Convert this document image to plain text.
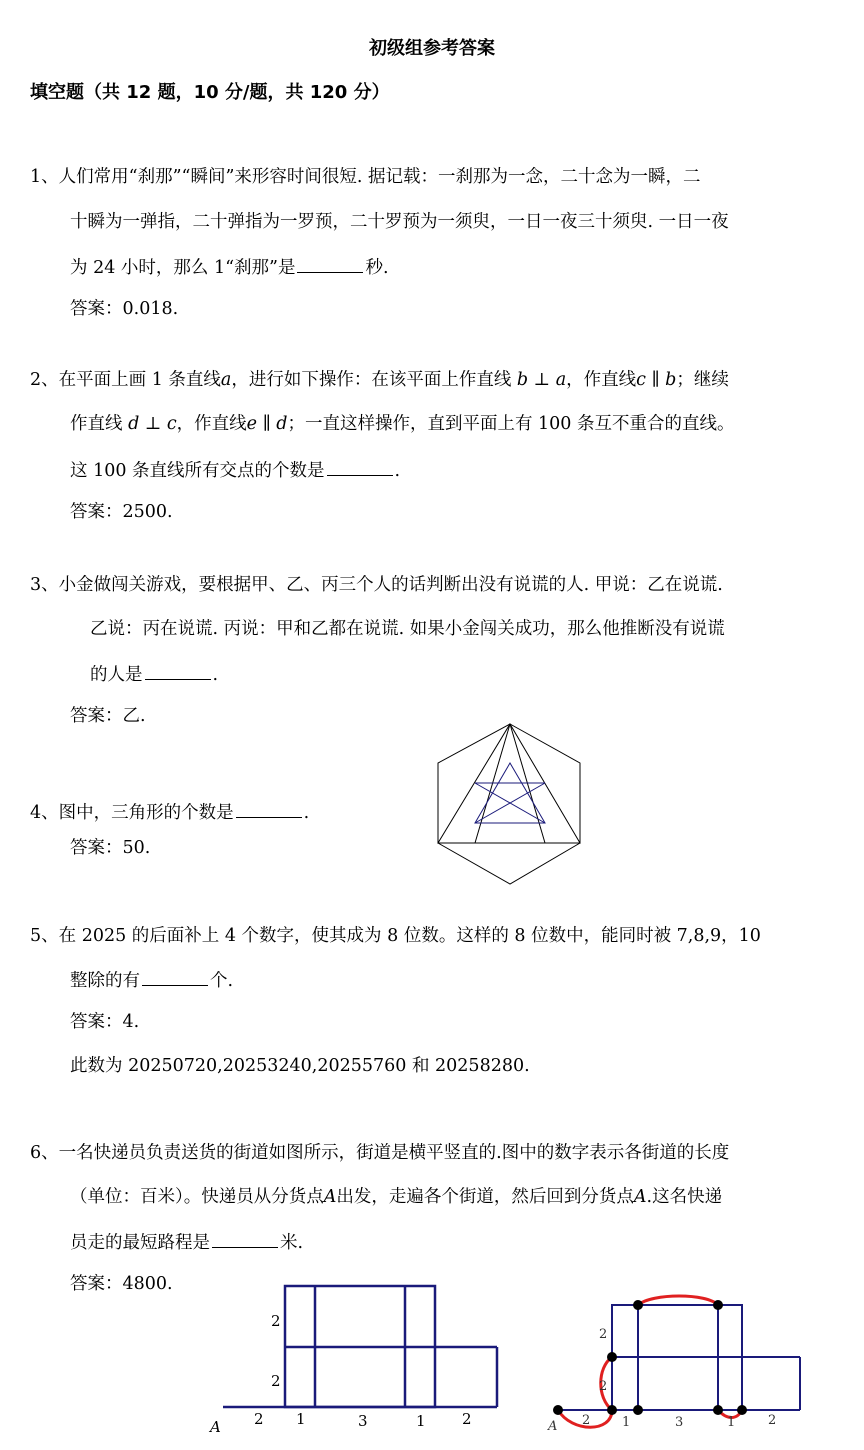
初级组参考答案
填空题（共 12 题，10 分/题，共 120 分）
1、人们常用“刹那”“瞬间”来形容时间很短. 据记载：一刹那为一念，二十念为一瞬，二
十瞬为一弹指，二十弹指为一罗预，二十罗预为一须臾，一日一夜三十须臾. 一日一夜
为 24 小时，那么 1“刹那”是	秒.
答案：0.018.
2、在平面上画 1 条直线a，进行如下操作：在该平面上作直线 b ⊥ a，作直线c ∥ b；继续
作直线 d ⊥ c，作直线e ∥ d；一直这样操作，直到平面上有 100 条互不重合的直线。
这 100 条直线所有交点的个数是	.
答案：2500.
3、小金做闯关游戏，要根据甲、乙、丙三个人的话判断出没有说谎的人. 甲说：乙在说谎.
乙说：丙在说谎. 丙说：甲和乙都在说谎. 如果小金闯关成功，那么他推断没有说谎
的人是	.
答案：乙.
4、图中，三角形的个数是	.
答案：50.
5、在 2025 的后面补上 4 个数字，使其成为 8 位数。这样的 8 位数中，能同时被 7,8,9，10
整除的有	个.
答案：4.
此数为 20250720,20253240,20255760 和 20258280.
6、一名快递员负责送货的街道如图所示，街道是横平竖直的.图中的数字表示各街道的长度
（单位：百米）。快递员从分货点A出发，走遍各个街道，然后回到分货点A.这名快递
员走的最短路程是	米.
答案：4800.
A
2
2
2 1	3	1 2	A
2
2
2 1	3	1	2
